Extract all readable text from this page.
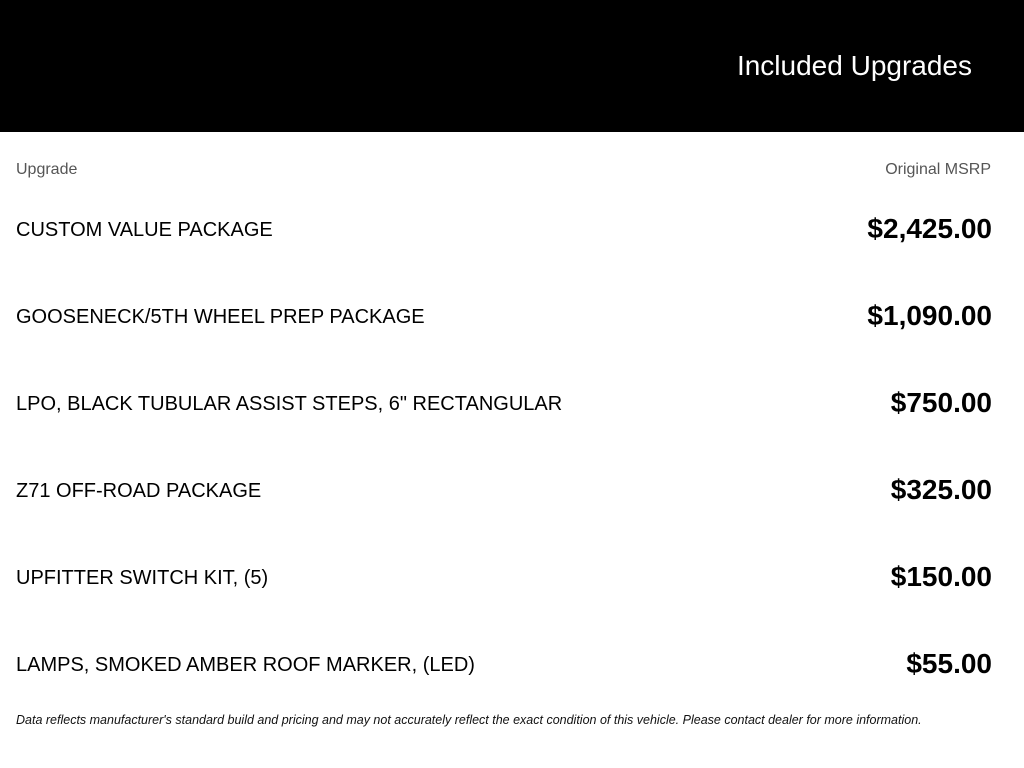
Included Upgrades
Upgrade	Original MSRP
CUSTOM VALUE PACKAGE	$2,425.00
GOOSENECK/5TH WHEEL PREP PACKAGE	$1,090.00
LPO, BLACK TUBULAR ASSIST STEPS, 6" RECTANGULAR	$750.00
Z71 OFF-ROAD PACKAGE	$325.00
UPFITTER SWITCH KIT, (5)	$150.00
LAMPS, SMOKED AMBER ROOF MARKER, (LED)	$55.00
Data reflects manufacturer's standard build and pricing and may not accurately reflect the exact condition of this vehicle. Please contact dealer for more information.
